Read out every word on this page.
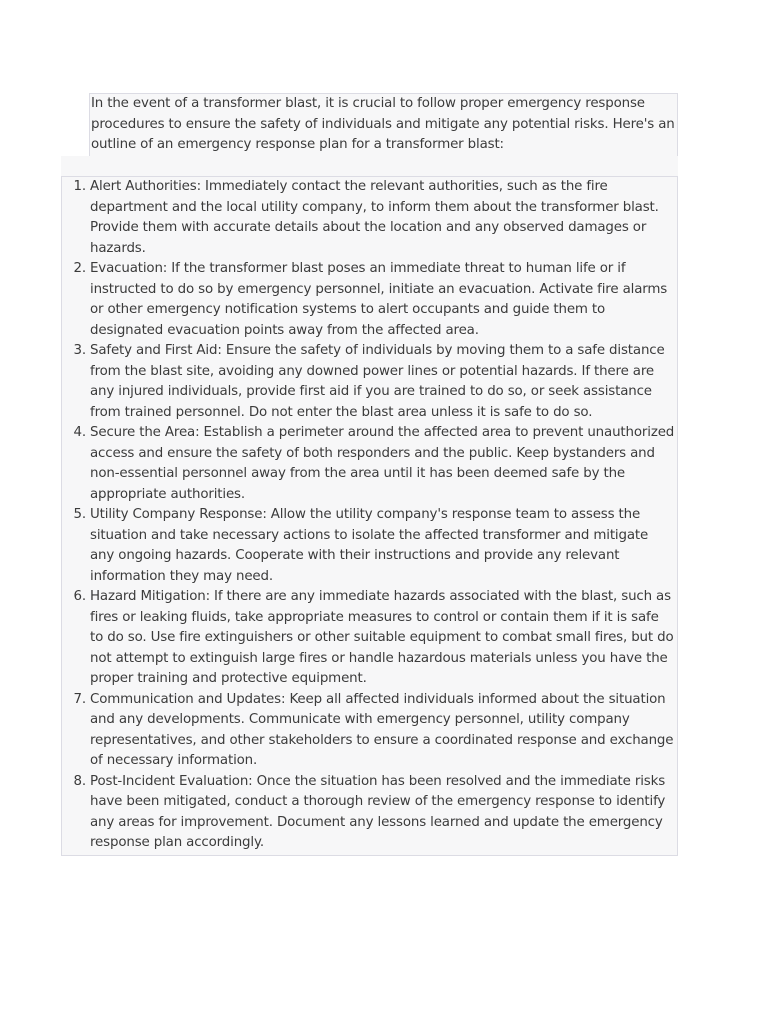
In the event of a transformer blast, it is crucial to follow proper emergency response procedures to ensure the safety of individuals and mitigate any potential risks. Here's an outline of an emergency response plan for a transformer blast:
1. Alert Authorities: Immediately contact the relevant authorities, such as the fire department and the local utility company, to inform them about the transformer blast. Provide them with accurate details about the location and any observed damages or hazards.
2. Evacuation: If the transformer blast poses an immediate threat to human life or if instructed to do so by emergency personnel, initiate an evacuation. Activate fire alarms or other emergency notification systems to alert occupants and guide them to designated evacuation points away from the affected area.
3. Safety and First Aid: Ensure the safety of individuals by moving them to a safe distance from the blast site, avoiding any downed power lines or potential hazards. If there are any injured individuals, provide first aid if you are trained to do so, or seek assistance from trained personnel. Do not enter the blast area unless it is safe to do so.
4. Secure the Area: Establish a perimeter around the affected area to prevent unauthorized access and ensure the safety of both responders and the public. Keep bystanders and non-essential personnel away from the area until it has been deemed safe by the appropriate authorities.
5. Utility Company Response: Allow the utility company's response team to assess the situation and take necessary actions to isolate the affected transformer and mitigate any ongoing hazards. Cooperate with their instructions and provide any relevant information they may need.
6. Hazard Mitigation: If there are any immediate hazards associated with the blast, such as fires or leaking fluids, take appropriate measures to control or contain them if it is safe to do so. Use fire extinguishers or other suitable equipment to combat small fires, but do not attempt to extinguish large fires or handle hazardous materials unless you have the proper training and protective equipment.
7. Communication and Updates: Keep all affected individuals informed about the situation and any developments. Communicate with emergency personnel, utility company representatives, and other stakeholders to ensure a coordinated response and exchange of necessary information.
8. Post-Incident Evaluation: Once the situation has been resolved and the immediate risks have been mitigated, conduct a thorough review of the emergency response to identify any areas for improvement. Document any lessons learned and update the emergency response plan accordingly.
